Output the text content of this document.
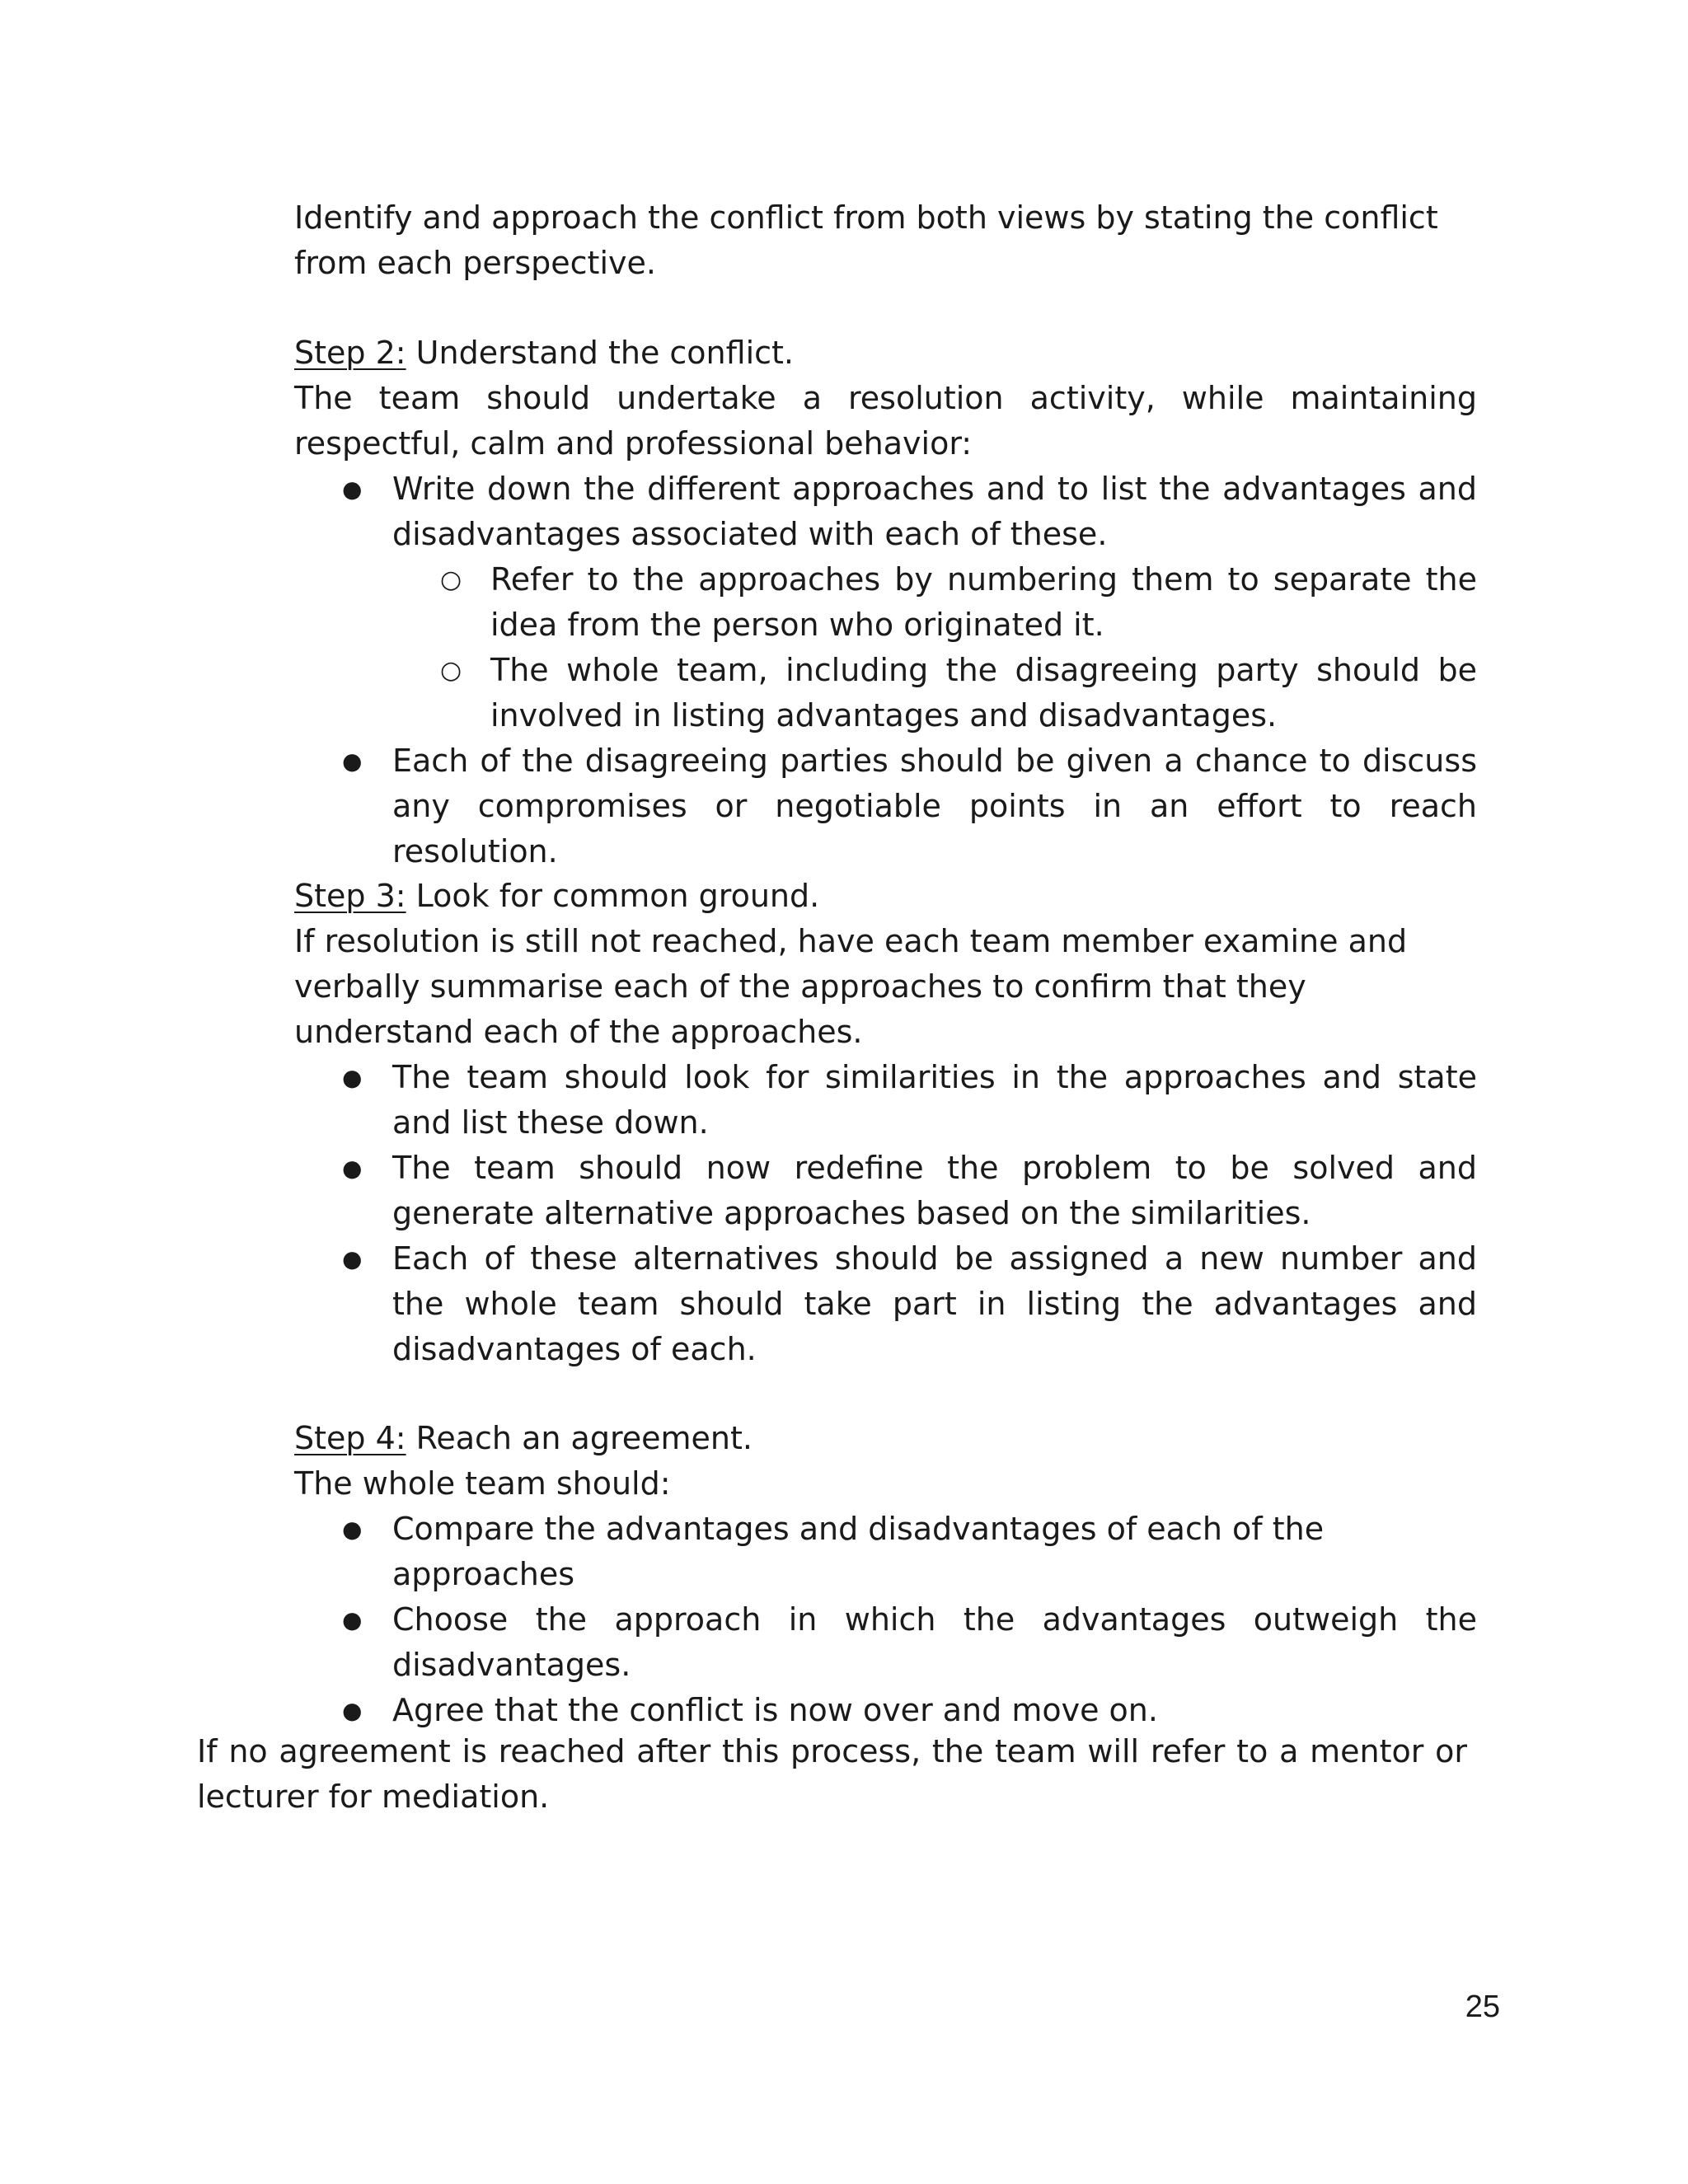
Identify and approach the conflict from both views by stating the conflict from each perspective.
Step 2: Understand the conflict.
The team should undertake a resolution activity, while maintaining respectful, calm and professional behavior:
● Write down the different approaches and to list the advantages and disadvantages associated with each of these.
○ Refer to the approaches by numbering them to separate the idea from the person who originated it.
○ The whole team, including the disagreeing party should be involved in listing advantages and disadvantages.
● Each of the disagreeing parties should be given a chance to discuss any compromises or negotiable points in an effort to reach resolution.
Step 3: Look for common ground.
If resolution is still not reached, have each team member examine and verbally summarise each of the approaches to confirm that they understand each of the approaches.
● The team should look for similarities in the approaches and state and list these down.
● The team should now redefine the problem to be solved and generate alternative approaches based on the similarities.
● Each of these alternatives should be assigned a new number and the whole team should take part in listing the advantages and disadvantages of each.
Step 4: Reach an agreement.
The whole team should:
● Compare the advantages and disadvantages of each of the approaches
● Choose the approach in which the advantages outweigh the disadvantages.
● Agree that the conflict is now over and move on.
If no agreement is reached after this process, the team will refer to a mentor or lecturer for mediation.
25
